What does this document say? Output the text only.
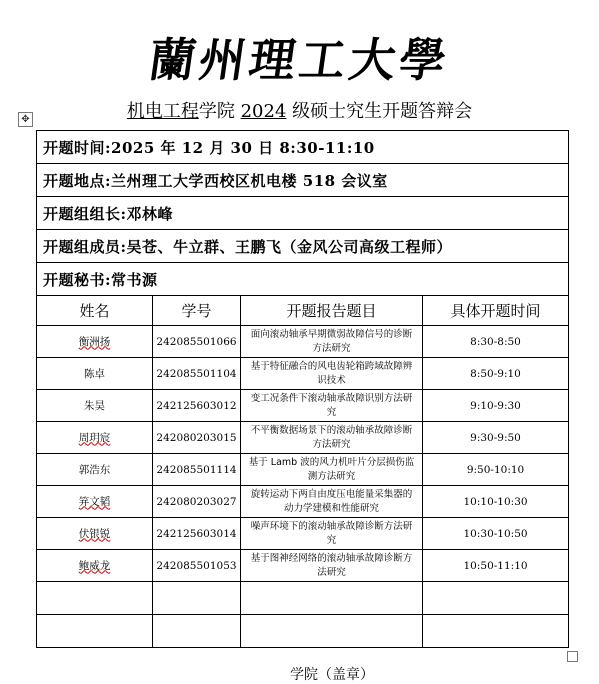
蘭州理工大學
机电工程学院 2024 级硕士究生开题答辩会
✥
开题时间:2025 年 12 月 30 日 8:30-11:10			
开题地点:兰州理工大学西校区机电楼 518 会议室			
开题组组长:邓林峰			
开题组成员:吴苍、牛立群、王鹏飞（金风公司高级工程师）			
开题秘书:常书源			
姓名	学号	开题报告题目	具体开题时间
衡洲扬	242085501066	面向滚动轴承早期微弱故障信号的诊断方法研究	8:30-8:50
陈卓	242085501104	基于特征融合的风电齿轮箱跨域故障辨识技术	8:50-9:10
朱昊	242125603012	变工况条件下滚动轴承故障识别方法研究	9:10-9:30
周玥宸	242080203015	不平衡数据场景下的滚动轴承故障诊断方法研究	9:30-9:50
郭浩东	242085501114	基于 Lamb 波的风力机叶片分层损伤监测方法研究	9:50-10:10
笄文韬	242080203027	旋转运动下两自由度压电能量采集器的动力学建模和性能研究	10:10-10:30
伏银锐	242125603014	噪声环境下的滚动轴承故障诊断方法研究	10:30-10:50
鲍威龙	242085501053	基于图神经网络的滚动轴承故障诊断方法研究	10:50-11:10

学院（盖章）
